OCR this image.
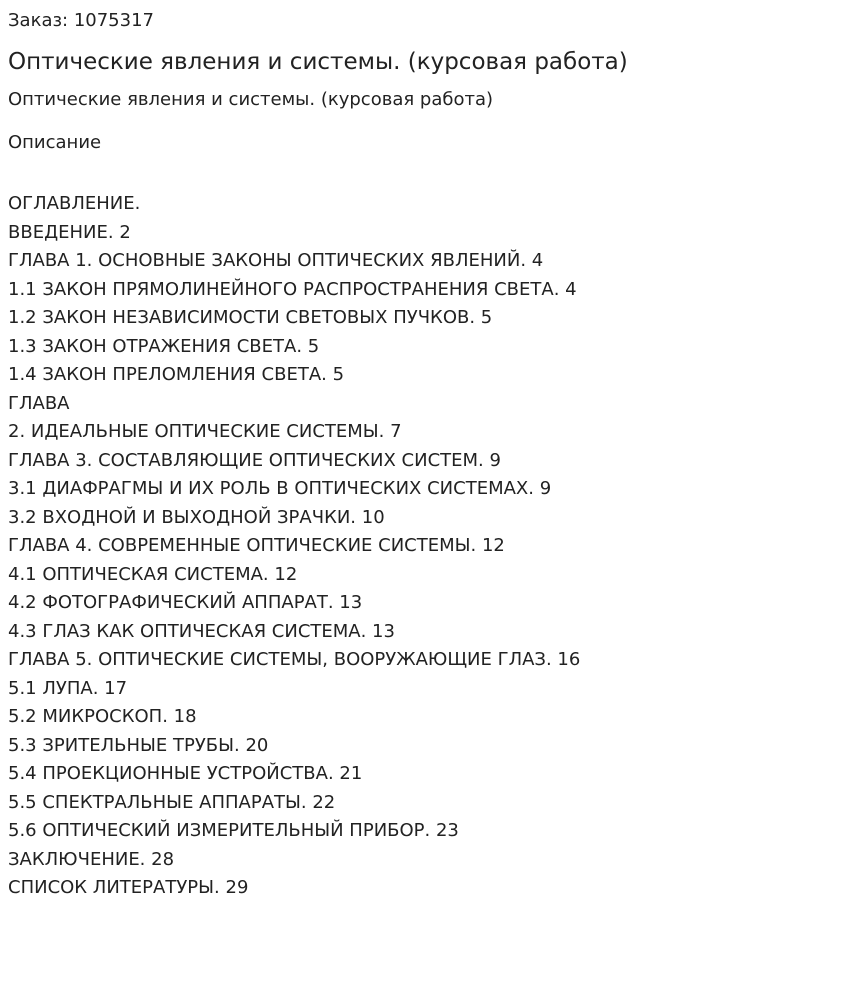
Заказ: 1075317

Оптические явления и системы. (курсовая работа)

Оптические явления и системы. (курсовая работа)

Описание

ОГЛАВЛЕНИЕ.
ВВЕДЕНИЕ. 2
ГЛАВА 1. ОСНОВНЫЕ ЗАКОНЫ ОПТИЧЕСКИХ ЯВЛЕНИЙ. 4
1.1 ЗАКОН ПРЯМОЛИНЕЙНОГО РАСПРОСТРАНЕНИЯ СВЕТА. 4
1.2 ЗАКОН НЕЗАВИСИМОСТИ СВЕТОВЫХ ПУЧКОВ. 5
1.3 ЗАКОН ОТРАЖЕНИЯ СВЕТА. 5
1.4 ЗАКОН ПРЕЛОМЛЕНИЯ СВЕТА. 5
ГЛАВА
2. ИДЕАЛЬНЫЕ ОПТИЧЕСКИЕ СИСТЕМЫ. 7
ГЛАВА 3. СОСТАВЛЯЮЩИЕ ОПТИЧЕСКИХ СИСТЕМ. 9
3.1 ДИАФРАГМЫ И ИХ РОЛЬ В ОПТИЧЕСКИХ СИСТЕМАХ. 9
3.2 ВХОДНОЙ И ВЫХОДНОЙ ЗРАЧКИ. 10
ГЛАВА 4. СОВРЕМЕННЫЕ ОПТИЧЕСКИЕ СИСТЕМЫ. 12
4.1 ОПТИЧЕСКАЯ СИСТЕМА. 12
4.2 ФОТОГРАФИЧЕСКИЙ АППАРАТ. 13
4.3 ГЛАЗ КАК ОПТИЧЕСКАЯ СИСТЕМА. 13
ГЛАВА 5. ОПТИЧЕСКИЕ СИСТЕМЫ, ВООРУЖАЮЩИЕ ГЛАЗ. 16
5.1 ЛУПА. 17
5.2 МИКРОСКОП. 18
5.3 ЗРИТЕЛЬНЫЕ ТРУБЫ. 20
5.4 ПРОЕКЦИОННЫЕ УСТРОЙСТВА. 21
5.5 СПЕКТРАЛЬНЫЕ АППАРАТЫ. 22
5.6 ОПТИЧЕСКИЙ ИЗМЕРИТЕЛЬНЫЙ ПРИБОР. 23
ЗАКЛЮЧЕНИЕ. 28
СПИСОК ЛИТЕРАТУРЫ. 29
